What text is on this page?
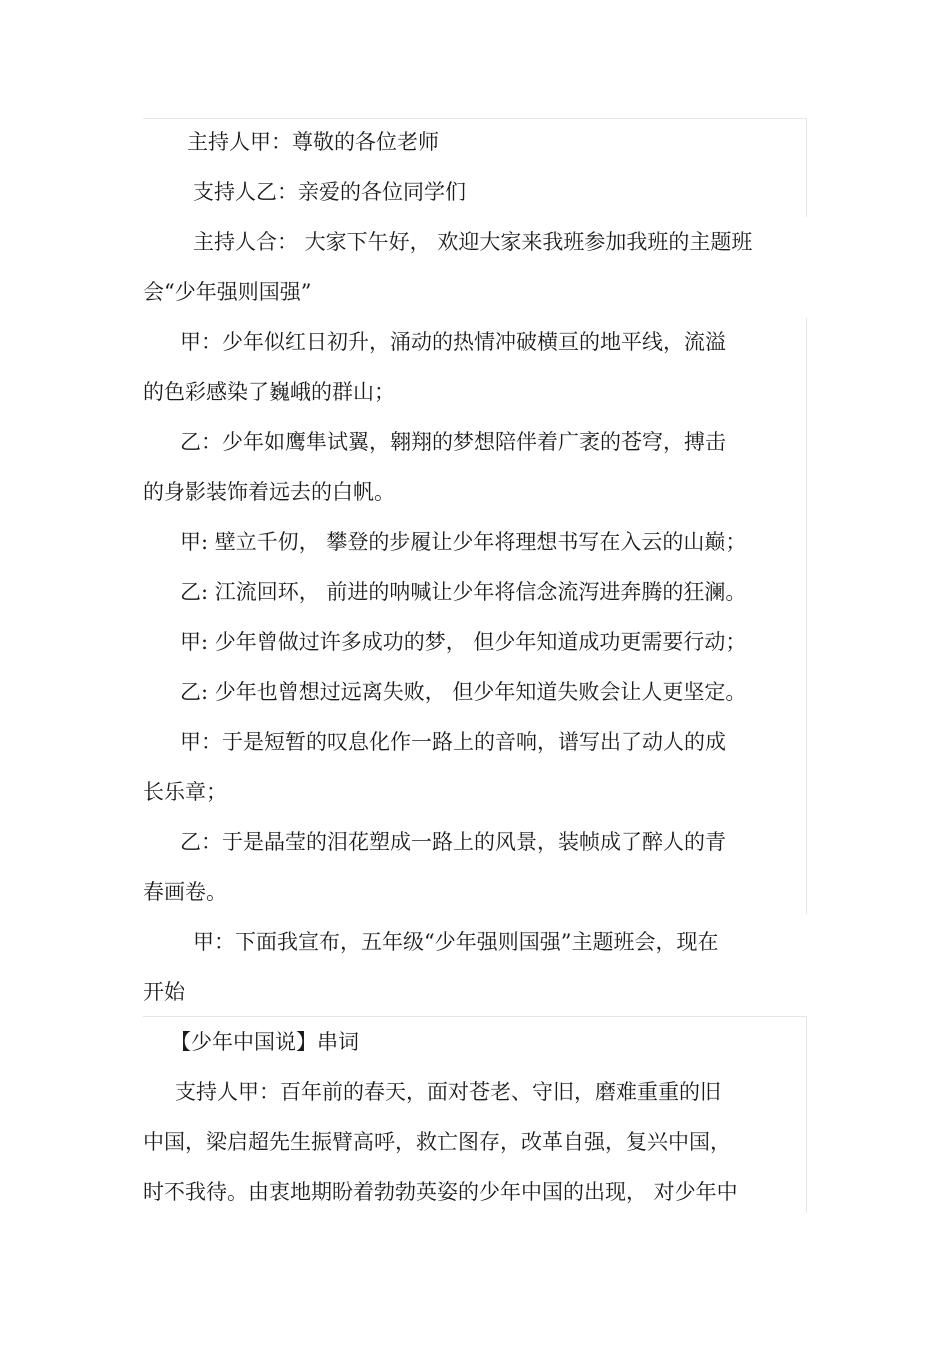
主持人甲：尊敬的各位老师
支持人乙：亲爱的各位同学们
主持人合： 大家下午好， 欢迎大家来我班参加我班的主题班
会“少年强则国强”
甲：少年似红日初升，涌动的热情冲破横亘的地平线，流溢
的色彩感染了巍峨的群山；
乙：少年如鹰隼试翼，翱翔的梦想陪伴着广袤的苍穹，搏击
的身影装饰着远去的白帆。
甲: 壁立千仞， 攀登的步履让少年将理想书写在入云的山巅；
乙: 江流回环， 前进的呐喊让少年将信念流泻进奔腾的狂澜。
甲: 少年曾做过许多成功的梦， 但少年知道成功更需要行动；
乙: 少年也曾想过远离失败， 但少年知道失败会让人更坚定。
甲：于是短暂的叹息化作一路上的音响，谱写出了动人的成
长乐章；
乙：于是晶莹的泪花塑成一路上的风景，装帧成了醉人的青
春画卷。
甲：下面我宣布，五年级“少年强则国强”主题班会，现在
开始
【少年中国说】串词
支持人甲：百年前的春天，面对苍老、守旧，磨难重重的旧
中国，梁启超先生振臂高呼，救亡图存，改革自强，复兴中国，
时不我待。由衷地期盼着勃勃英姿的少年中国的出现， 对少年中
